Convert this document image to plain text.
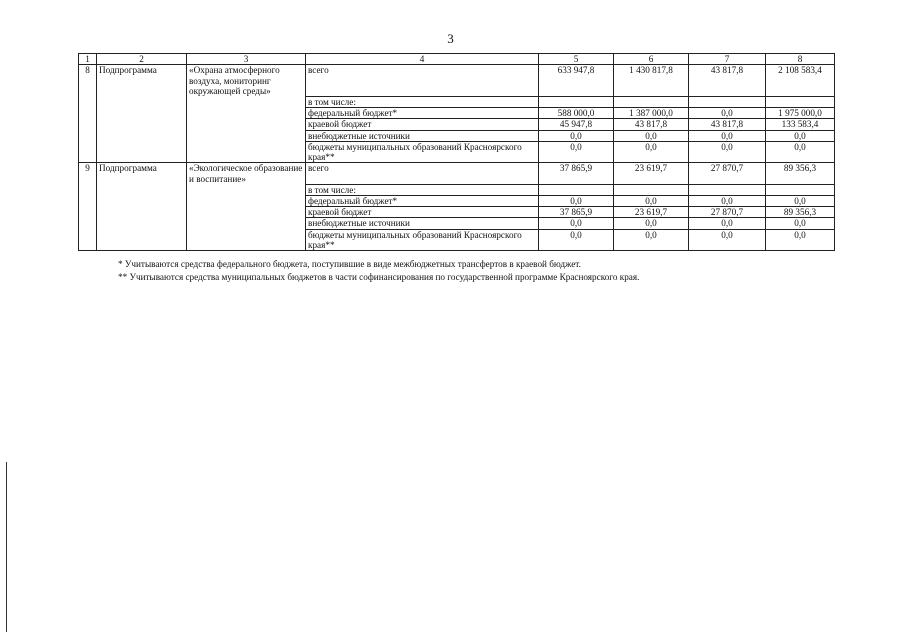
3
1	2	3	4	5	6	7	8
8	Подпрограмма	«Охрана атмосферного воздуха, мониторинг окружающей среды»	всего	633 947,8	1 430 817,8	43 817,8	2 108 583,4
			в том числе:				
			федеральный бюджет*	588 000,0	1 387 000,0	0,0	1 975 000,0
			краевой бюджет	45 947,8	43 817,8	43 817,8	133 583,4
			внебюджетные источники	0,0	0,0	0,0	0,0
			бюджеты муниципальных образований Красноярского края**	0,0	0,0	0,0	0,0
9	Подпрограмма	«Экологическое образование и воспитание»	всего	37 865,9	23 619,7	27 870,7	89 356,3
			в том числе:				
			федеральный бюджет*	0,0	0,0	0,0	0,0
			краевой бюджет	37 865,9	23 619,7	27 870,7	89 356,3
			внебюджетные источники	0,0	0,0	0,0	0,0
			бюджеты муниципальных образований Красноярского края**	0,0	0,0	0,0	0,0
* Учитываются средства федерального бюджета, поступившие в виде межбюджетных трансфертов в краевой бюджет.
** Учитываются средства муниципальных бюджетов в части софинансирования по государственной программе Красноярского края.
